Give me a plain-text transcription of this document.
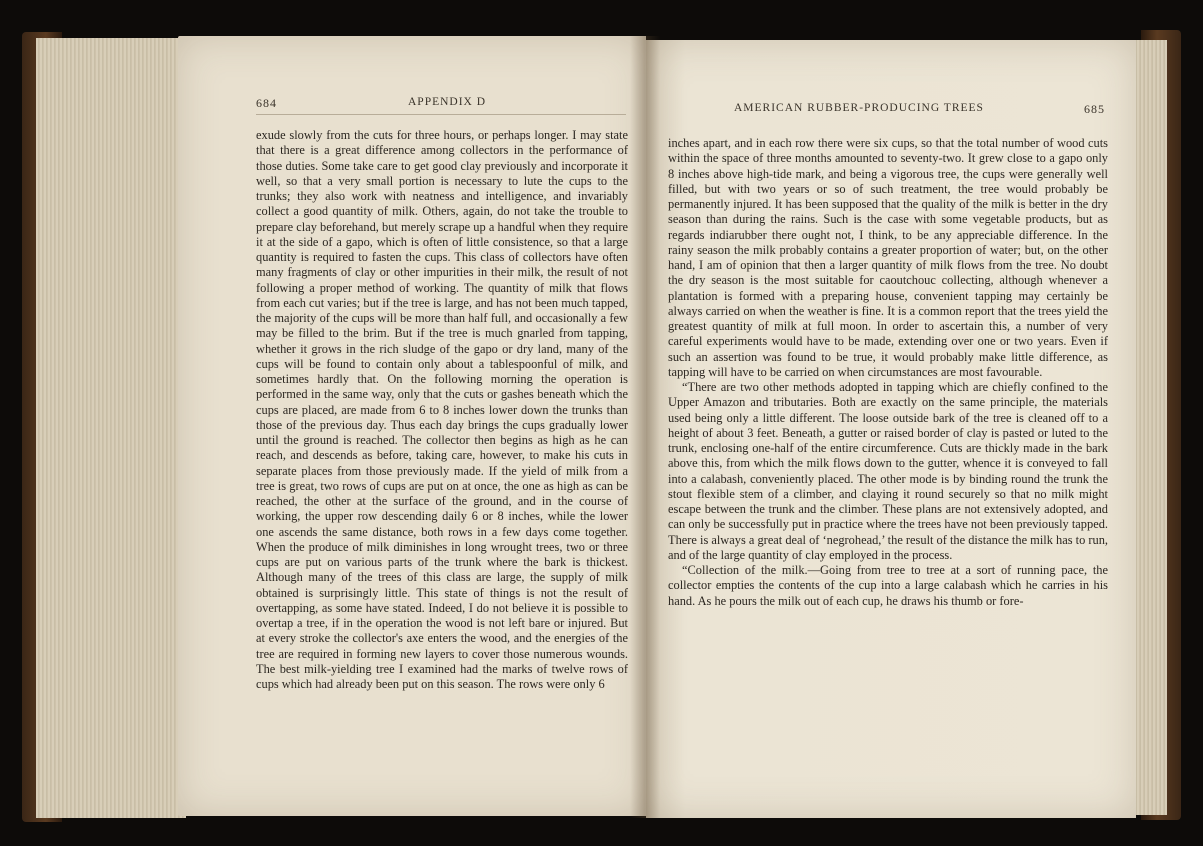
684	APPENDIX D

exude slowly from the cuts for three hours, or perhaps longer. I may state that there is a great difference among collectors in the performance of those duties. Some take care to get good clay previously and incorporate it well, so that a very small portion is necessary to lute the cups to the trunks; they also work with neatness and intelligence, and invariably collect a good quantity of milk. Others, again, do not take the trouble to prepare clay beforehand, but merely scrape up a handful when they require it at the side of a gapo, which is often of little consistence, so that a large quantity is required to fasten the cups. This class of collectors have often many fragments of clay or other impurities in their milk, the result of not following a proper method of working. The quantity of milk that flows from each cut varies; but if the tree is large, and has not been much tapped, the majority of the cups will be more than half full, and occasionally a few may be filled to the brim. But if the tree is much gnarled from tapping, whether it grows in the rich sludge of the gapo or dry land, many of the cups will be found to contain only about a tablespoonful of milk, and sometimes hardly that. On the following morning the operation is performed in the same way, only that the cuts or gashes beneath which the cups are placed, are made from 6 to 8 inches lower down the trunks than those of the previous day. Thus each day brings the cups gradually lower until the ground is reached. The collector then begins as high as he can reach, and descends as before, taking care, however, to make his cuts in separate places from those previously made. If the yield of milk from a tree is great, two rows of cups are put on at once, the one as high as can be reached, the other at the surface of the ground, and in the course of working, the upper row descending daily 6 or 8 inches, while the lower one ascends the same distance, both rows in a few days come together. When the produce of milk diminishes in long wrought trees, two or three cups are put on various parts of the trunk where the bark is thickest. Although many of the trees of this class are large, the supply of milk obtained is surprisingly little. This state of things is not the result of overtapping, as some have stated. Indeed, I do not believe it is possible to overtap a tree, if in the operation the wood is not left bare or injured. But at every stroke the collector's axe enters the wood, and the energies of the tree are required in forming new layers to cover those numerous wounds. The best milk-yielding tree I examined had the marks of twelve rows of cups which had already been put on this season. The rows were only 6

AMERICAN RUBBER-PRODUCING TREES	685

inches apart, and in each row there were six cups, so that the total number of wood cuts within the space of three months amounted to seventy-two. It grew close to a gapo only 8 inches above high-tide mark, and being a vigorous tree, the cups were generally well filled, but with two years or so of such treatment, the tree would probably be permanently injured. It has been supposed that the quality of the milk is better in the dry season than during the rains. Such is the case with some vegetable products, but as regards indiarubber there ought not, I think, to be any appreciable difference. In the rainy season the milk probably contains a greater proportion of water; but, on the other hand, I am of opinion that then a larger quantity of milk flows from the tree. No doubt the dry season is the most suitable for caoutchouc collecting, although whenever a plantation is formed with a preparing house, convenient tapping may certainly be always carried on when the weather is fine. It is a common report that the trees yield the greatest quantity of milk at full moon. In order to ascertain this, a number of very careful experiments would have to be made, extending over one or two years. Even if such an assertion was found to be true, it would probably make little difference, as tapping will have to be carried on when circumstances are most favourable.

“There are two other methods adopted in tapping which are chiefly confined to the Upper Amazon and tributaries. Both are exactly on the same principle, the materials used being only a little different. The loose outside bark of the tree is cleaned off to a height of about 3 feet. Beneath, a gutter or raised border of clay is pasted or luted to the trunk, enclosing one-half of the entire circumference. Cuts are thickly made in the bark above this, from which the milk flows down to the gutter, whence it is conveyed to fall into a calabash, conveniently placed. The other mode is by binding round the trunk the stout flexible stem of a climber, and claying it round securely so that no milk might escape between the trunk and the climber. These plans are not extensively adopted, and can only be successfully put in practice where the trees have not been previously tapped. There is always a great deal of ‘negrohead,’ the result of the distance the milk has to run, and of the large quantity of clay employed in the process.

“Collection of the milk.—Going from tree to tree at a sort of running pace, the collector empties the contents of the cup into a large calabash which he carries in his hand. As he pours the milk out of each cup, he draws his thumb or fore-
